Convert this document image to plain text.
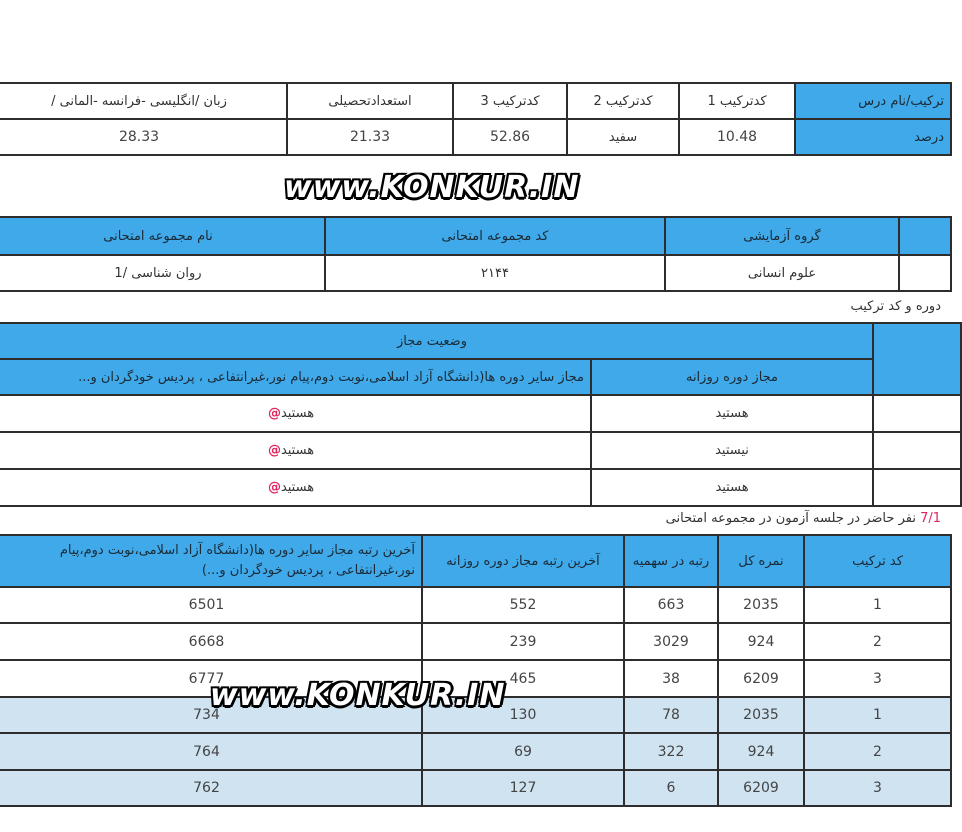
زبان /انگلیسی -فرانسه -المانی /	استعدادتحصیلی	کدترکیب 3	کدترکیب 2	کدترکیب 1	ترکیب/نام درس
28.33	21.33	52.86	سفید	10.48	درصد
www.KONKUR.IN
نام مجموعه امتحانی	کد مجموعه امتحانی	گروه آزمایشی	
روان شناسی /1	۲۱۴۴	علوم انسانی	
دوره و کد ترکیب
وضعیت مجاز		
مجاز سایر دوره ها(دانشگاه آزاد اسلامی،نوبت دوم،پیام نور،غیرانتفاعی ، پردیس خودگردان و...	مجاز دوره روزانه	
هستید@	هستید	
هستید@	نیستید	
هستید@	هستید	
7/1 نفر حاضر در جلسه آزمون در مجموعه امتحانی
آخرین رتبه مجاز سایر دوره ها(دانشگاه آزاد اسلامی،نوبت دوم،پیام نور،غیرانتفاعی ، پردیس خودگردان و...)	آخرین رتبه مجاز دوره روزانه	رتبه در سهمیه	نمره کل	کد ترکیب
6501	552	663	2035	1
6668	239	3029	924	2
6777	465	38	6209	3
734	130	78	2035	1
764	69	322	924	2
762	127	6	6209	3
www.KONKUR.IN
